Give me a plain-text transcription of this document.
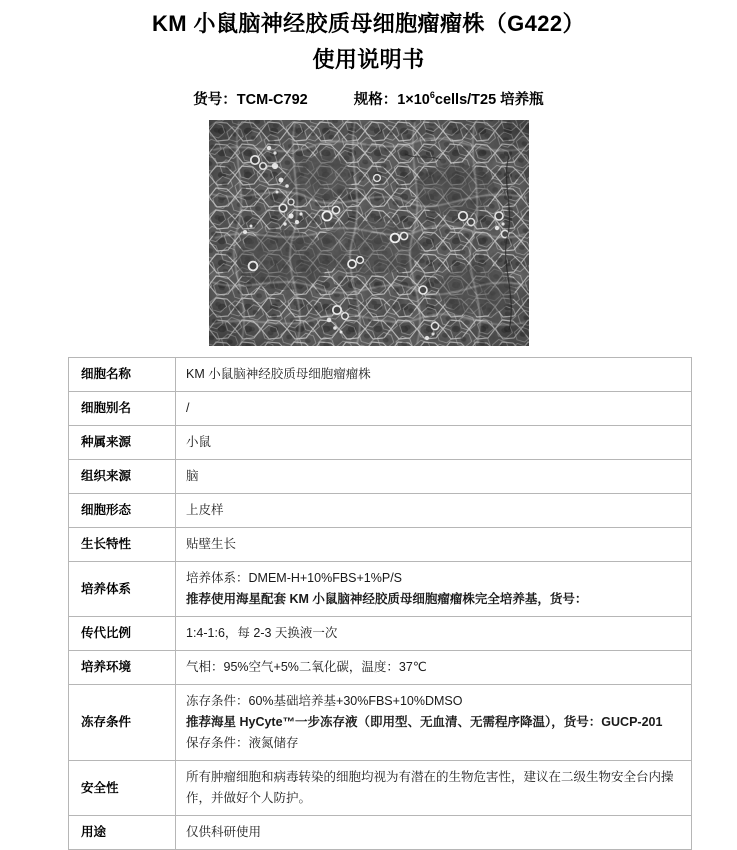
KM 小鼠脑神经胶质母细胞瘤瘤株（G422）
使用说明书
货号：TCM-C792	规格：$1\times 10^6cells/T25$ 培养瓶
细胞名称	KM 小鼠脑神经胶质母细胞瘤瘤株

细胞别名	/

种属来源	小鼠

组织来源	脑

细胞形态	上皮样

生长特性	贴壁生长

培养体系	培养体系：DMEM-H+10%FBS+1%P/S
推荐使用海星配套 KM 小鼠脑神经胶质母细胞瘤瘤株完全培养基，货号：

传代比例	1:4-1:6，每 2-3 天换液一次

培养环境	气相：95%空气+5%二氧化碳，温度：37℃

冻存条件	冻存条件：60%基础培养基+30%FBS+10%DMSO
推荐海星 HyCyte™一步冻存液（即用型、无血清、无需程序降温），货号：GUCP-201
保存条件：液氮储存

安全性	所有肿瘤细胞和病毒转染的细胞均视为有潜在的生物危害性，建议在二级生物安全台内操
作，并做好个人防护。

用途	仅供科研使用
